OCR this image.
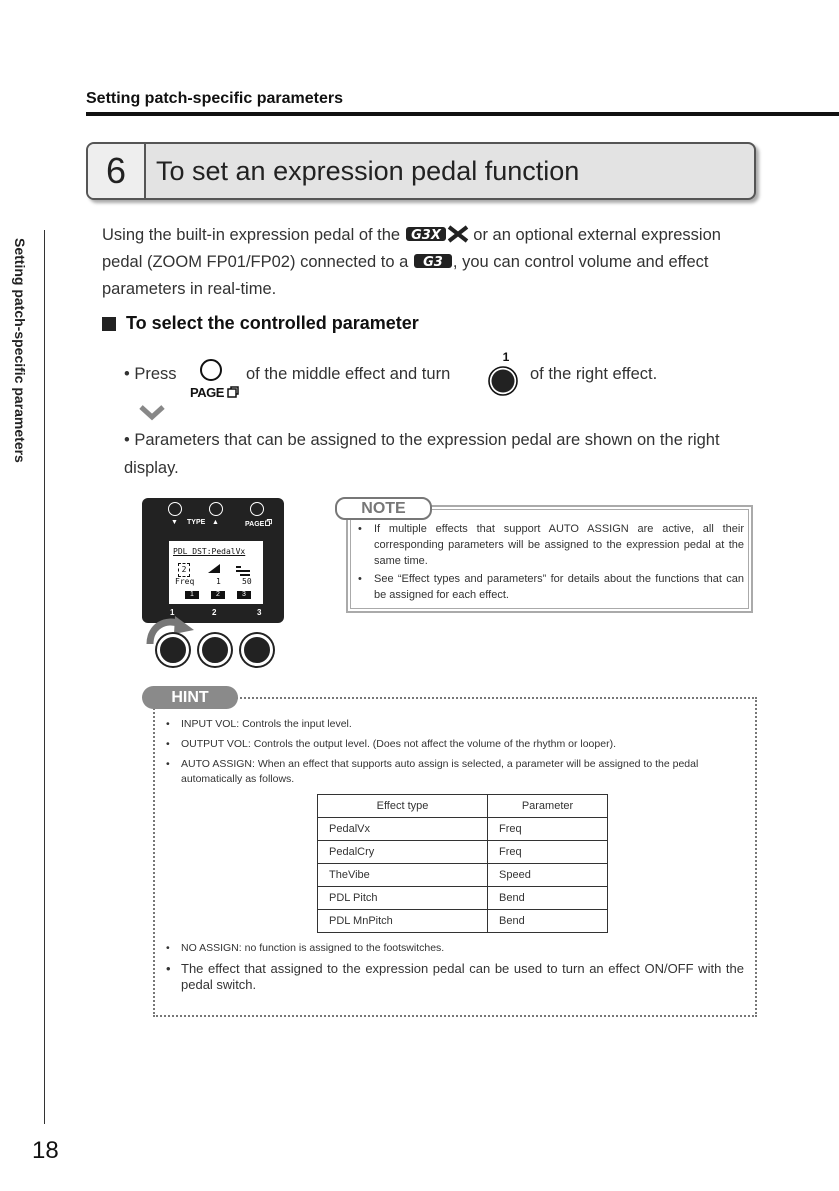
Setting patch-specific parameters
Setting patch-specific parameters
18
6	To set an expression pedal function
Using the built-in expression pedal of the G3X or an optional external expression pedal (ZOOM FP01/FP02) connected to a G3 , you can control volume and effect parameters in real-time.
To select the controlled parameter
• Press
PAGE
of the middle effect and turn
1
of the right effect.
• Parameters that can be assigned to the expression pedal are shown on the right display.
▼ TYPE ▲	PAGE
PDL DST:PedalVx
2
Freq	1	50
1	2	3
1	2	3
NOTE
• If multiple effects that support AUTO ASSIGN are active, all their corresponding parameters will be assigned to the expression pedal at the same time.
• See “Effect types and parameters” for details about the functions that can be assigned for each effect.
HINT
• INPUT VOL: Controls the input level.
• OUTPUT VOL: Controls the output level. (Does not affect the volume of the rhythm or looper).
• AUTO ASSIGN: When an effect that supports auto assign is selected, a parameter will be assigned to the pedal automatically as follows.
Effect type	Parameter
PedalVx	Freq
PedalCry	Freq
TheVibe	Speed
PDL Pitch	Bend
PDL MnPitch	Bend
• NO ASSIGN: no function is assigned to the footswitches.
• The effect that assigned to the expression pedal can be used to turn an effect ON/OFF with the pedal switch.
